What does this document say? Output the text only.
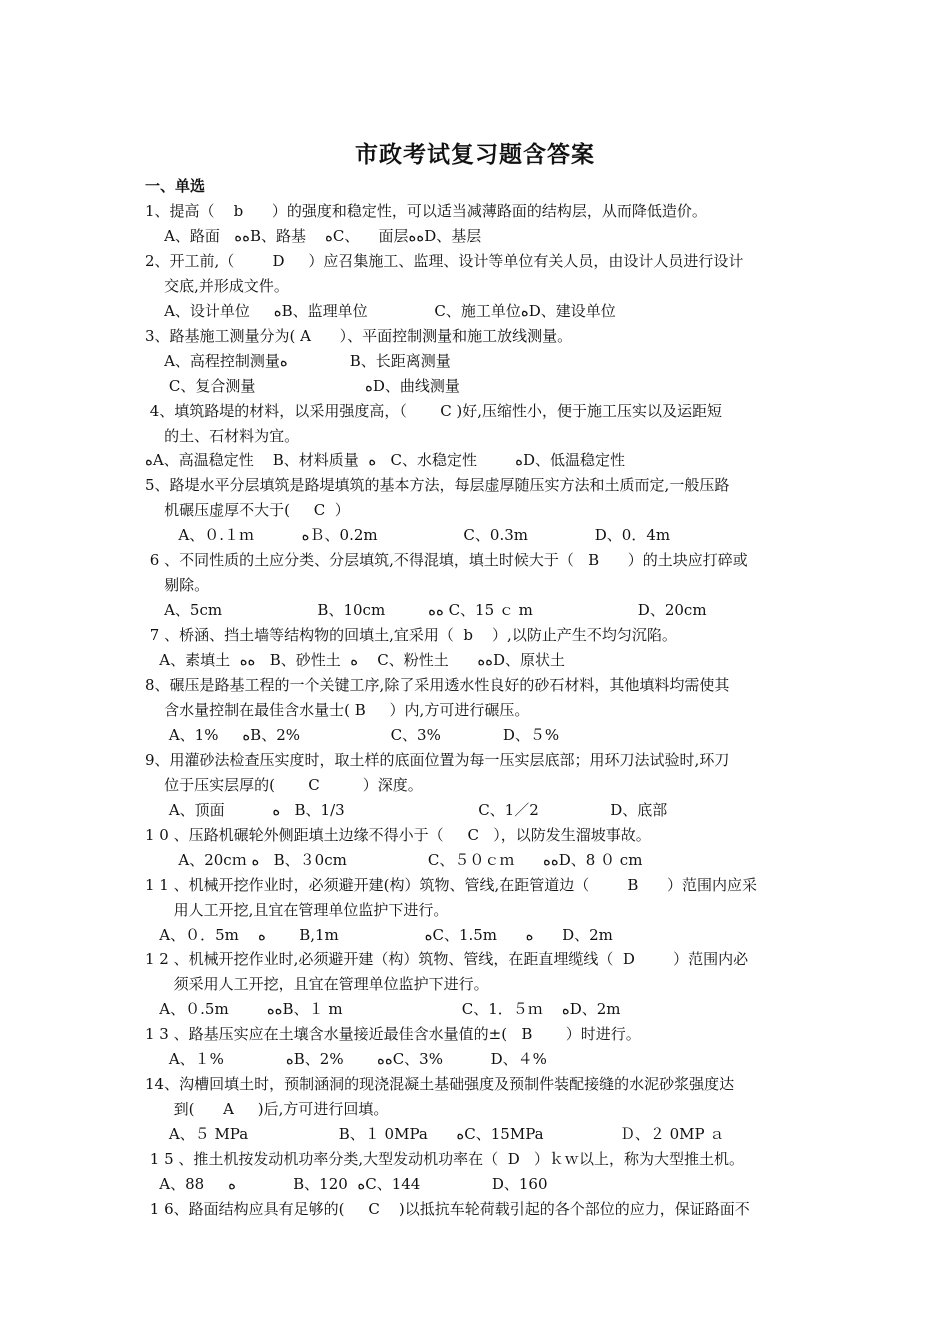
市政考试复习题含答案
一、单选
1、提高（    b      ）的强度和稳定性，可以适当减薄路面的结构层，从而降低造价。
A、路面   ﻩﻩB、路基    ﻩC、    面层ﻩﻩD、基层
2、开工前,（        D     ）应召集施工、监理、设计等单位有关人员，由设计人员进行设计
交底,并形成文件。
A、设计单位     ﻩB、监理单位              C、施工单位ﻩD、建设单位
3、路基施工测量分为( A      ）、平面控制测量和施工放线测量。
A、高程控制测量ﻩ             B、长距离测量
C、复合测量                       ﻩD、曲线测量
4、填筑路堤的材料，以采用强度高，（       C )好,压缩性小，便于施工压实以及运距短
的土、石材料为宜。
ﻩA、高温稳定性    B、材料质量  ﻩ   C、水稳定性        ﻩD、低温稳定性
5、路堤水平分层填筑是路堤填筑的基本方法，每层虚厚随压实方法和土质而定,一般压路
机碾压虚厚不大于(     C  ）
A、０.１ｍ          ﻩＢ、0.2m                  C、0.3m              D、0．4m
6 、不同性质的土应分类、分层填筑,不得混填，填土时候大于（   B      ）的土块应打碎或
剔除。
A、5cm                    B、10cm         ﻩﻩ C、15 ｃ m                      D、20cm
7 、桥涵、挡土墙等结构物的回填土,宜采用（  b    ）,以防止产生不均匀沉陷。
A、素填土  ﻩﻩ   B、砂性土  ﻩ    C、粉性土      ﻩﻩD、原状土
8、碾压是路基工程的一个关键工序,除了采用透水性良好的砂石材料，其他填料均需使其
含水量控制在最佳含水量士( B     ）内,方可进行碾压。
A、1%     ﻩB、2%                   C、3%             D、５%
9、用灌砂法检查压实度时，取土样的底面位置为每一压实层底部；用环刀法试验时,环刀
位于压实层厚的(       C         ）深度。
A、顶面          ﻩ   B、1/3                            C、1／2               D、底部
1 0 、压路机碾轮外侧距填土边缘不得小于（     C   ），以防发生溜坡事故。
A、20cｍ ﻩ   B、３0cm                 C、５０ｃｍ      ﻩﻩD、8 ０ cm
1 1 、机械开挖作业时，必须避开建(构）筑物、管线,在距管道边（        B      ）范围内应采
用人工开挖,且宜在管理单位监护下进行。
A、０．5m    ﻩ       B,1m                  ﻩC、1.5m      ﻩ      D、2m
1 2 、机械开挖作业时,必须避开建（构）筑物、管线，在距直埋缆线（  D        ）范围内必
须采用人工开挖，且宜在管理单位监护下进行。
A、０.5m        ﻩﻩB、１ m                         C、1．５ｍ    ﻩD、2m
1 3 、路基压实应在土壤含水量接近最佳含水量值的±(   B       ）时进行。
A、１%             ﻩB、2%       ﻩﻩC、3%          D、４%
14、沟槽回填土时，预制涵洞的现浇混凝土基础强度及预制件装配接缝的水泥砂浆强度达
到(      A     )后,方可进行回填。
A、５ MPa                   B、１ 0MPa      ﻩC、15MPa                Ｄ、２ 0MP ａ
1 5 、推土机按发动机功率分类,大型发动机功率在（  D   ）ｋｗ以上，称为大型推土机。
A、88     ﻩ            B、120  ﻩC、144               D、160
1 6、路面结构应具有足够的(     C    )以抵抗车轮荷载引起的各个部位的应力，保证路面不
